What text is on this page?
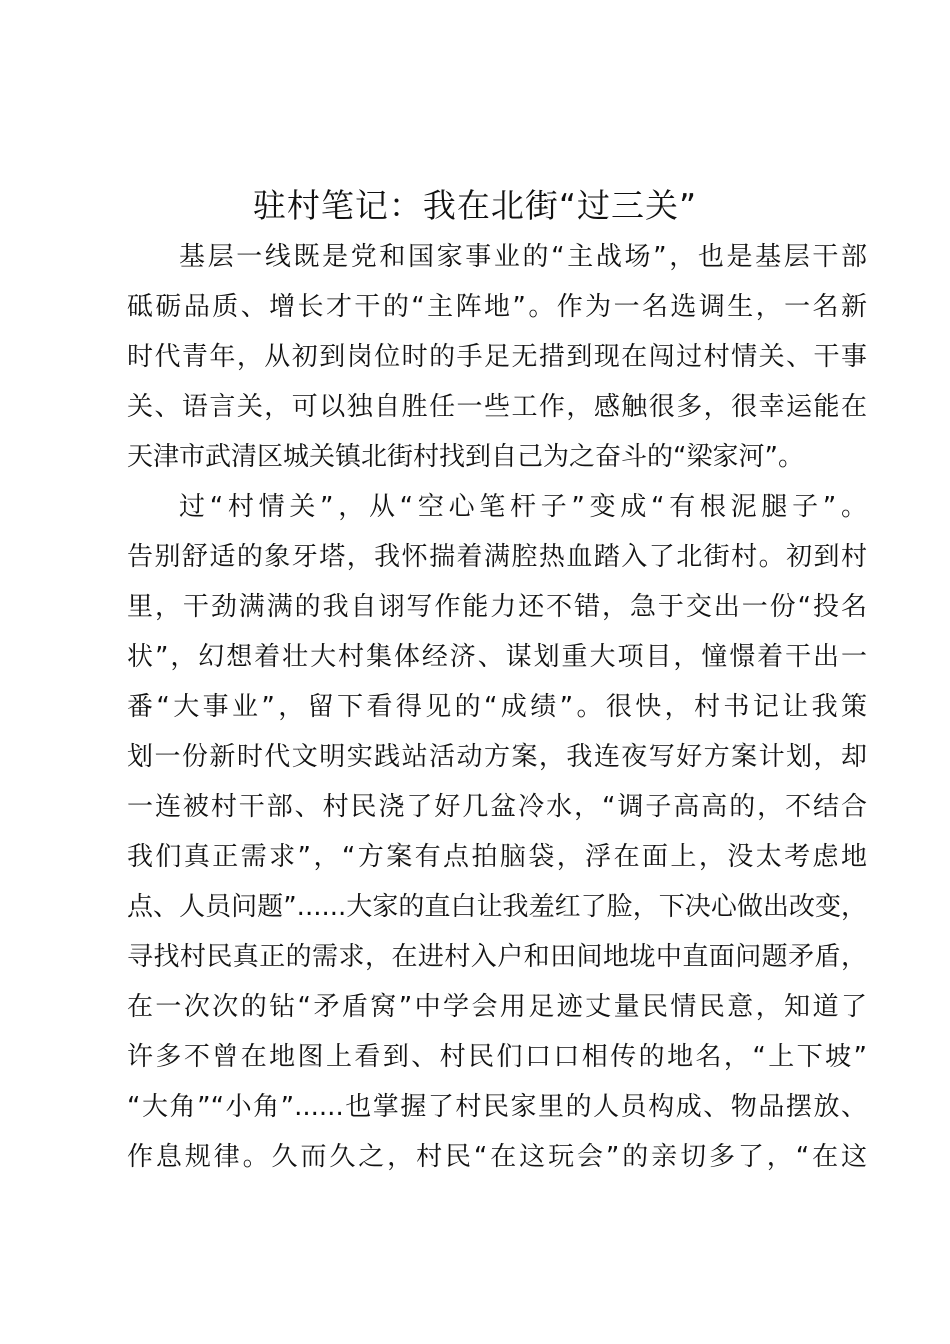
驻村笔记：我在北街“过三关”
基层一线既是党和国家事业的“主战场”，也是基层干部
砥砺品质、增长才干的“主阵地”。作为一名选调生，一名新
时代青年，从初到岗位时的手足无措到现在闯过村情关、干事
关、语言关，可以独自胜任一些工作，感触很多，很幸运能在
天津市武清区城关镇北街村找到自己为之奋斗的“梁家河”。
过“村情关”，从“空心笔杆子”变成“有根泥腿子”。
告别舒适的象牙塔，我怀揣着满腔热血踏入了北街村。初到村
里，干劲满满的我自诩写作能力还不错，急于交出一份“投名
状”，幻想着壮大村集体经济、谋划重大项目，憧憬着干出一
番“大事业”，留下看得见的“成绩”。很快，村书记让我策
划一份新时代文明实践站活动方案，我连夜写好方案计划，却
一连被村干部、村民浇了好几盆冷水，“调子高高的，不结合
我们真正需求”，“方案有点拍脑袋，浮在面上，没太考虑地
点、人员问题”......大家的直白让我羞红了脸，下决心做出改变，
寻找村民真正的需求，在进村入户和田间地垅中直面问题矛盾，
在一次次的钻“矛盾窝”中学会用足迹丈量民情民意，知道了
许多不曾在地图上看到、村民们口口相传的地名，“上下坡”
“大角”“小角”......也掌握了村民家里的人员构成、物品摆放、
作息规律。久而久之，村民“在这玩会”的亲切多了，“在这
